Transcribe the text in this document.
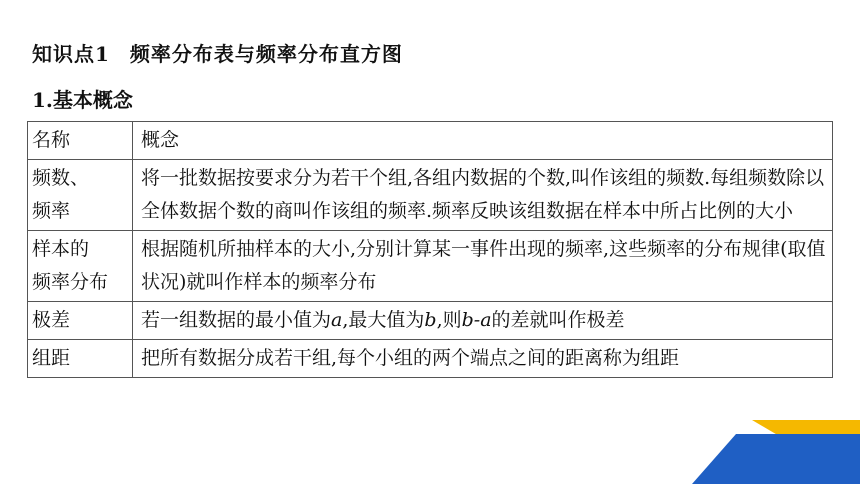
知识点1 频率分布表与频率分布直方图
1.基本概念
名称	概念
频数、
频率	将一批数据按要求分为若干个组,各组内数据的个数,叫作该组的频数.每组频数除以全体数据个数的商叫作该组的频率.频率反映该组数据在样本中所占比例的大小
样本的
频率分布	根据随机所抽样本的大小,分别计算某一事件出现的频率,这些频率的分布规律(取值状况)就叫作样本的频率分布
极差	若一组数据的最小值为a,最大值为b,则b-a的差就叫作极差
组距	把所有数据分成若干组,每个小组的两个端点之间的距离称为组距
